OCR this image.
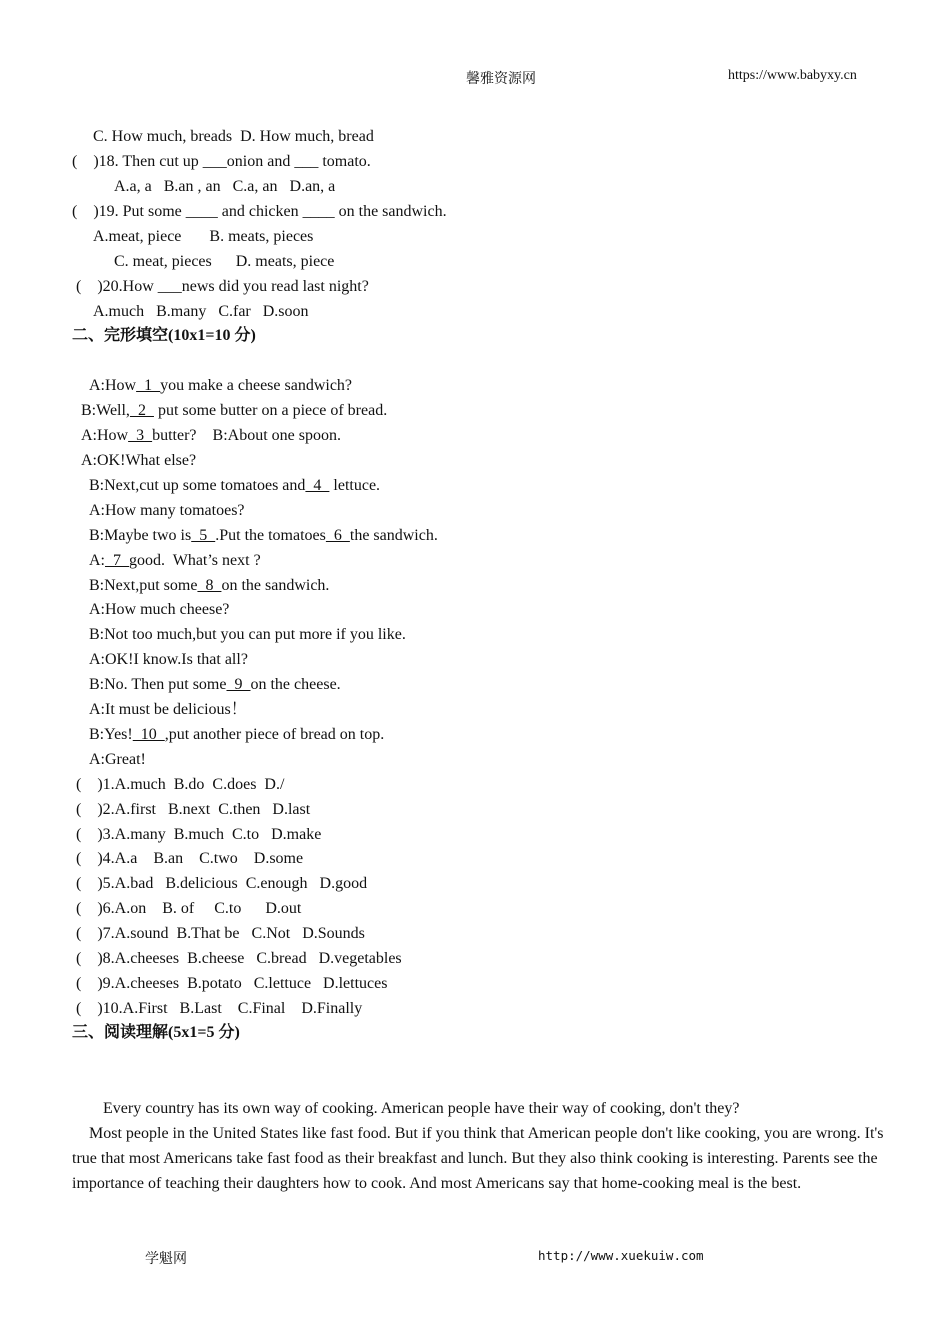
馨雅资源网	https://www.babyxy.cn
C. How much, breads  D. How much, bread
(    )18. Then cut up ___onion and ___ tomato.
A.a, a   B.an , an   C.a, an   D.an, a
(    )19. Put some ____ and chicken ____ on the sandwich.
A.meat, piece       B. meats, pieces
C. meat, pieces      D. meats, piece
(    )20.How ___news did you read last night?
A.much   B.many   C.far   D.soon
二、完形填空(10x1=10 分)
A:How  1  you make a cheese sandwich?
B:Well,  2   put some butter on a piece of bread.
A:How  3  butter?    B:About one spoon.
A:OK!What else?
B:Next,cut up some tomatoes and  4   lettuce.
A:How many tomatoes?
B:Maybe two is  5  .Put the tomatoes  6  the sandwich.
A:  7  good.  What’s next ?
B:Next,put some  8  on the sandwich.
A:How much cheese?
B:Not too much,but you can put more if you like.
A:OK!I know.Is that all?
B:No. Then put some  9  on the cheese.
A:It must be delicious！
B:Yes!  10  ,put another piece of bread on top.
A:Great!
(    )1.A.much  B.do  C.does  D./
(    )2.A.first   B.next  C.then   D.last
(    )3.A.many  B.much  C.to   D.make
(    )4.A.a    B.an    C.two    D.some
(    )5.A.bad   B.delicious  C.enough   D.good
(    )6.A.on    B. of     C.to      D.out
(    )7.A.sound  B.That be   C.Not   D.Sounds
(    )8.A.cheeses  B.cheese   C.bread   D.vegetables
(    )9.A.cheeses  B.potato   C.lettuce   D.lettuces
(    )10.A.First   B.Last    C.Final    D.Finally
三、阅读理解(5x1=5 分)

Every country has its own way of cooking. American people have their way of cooking, don't they?

Most people in the United States like fast food. But if you think that American people don't like cooking, you are wrong. It's true that most Americans take fast food as their breakfast and lunch. But they also think cooking is interesting. Parents see the importance of teaching their daughters how to cook. And most Americans say that home-cooking meal is the best.

学魁网	http://www.xuekuiw.com
